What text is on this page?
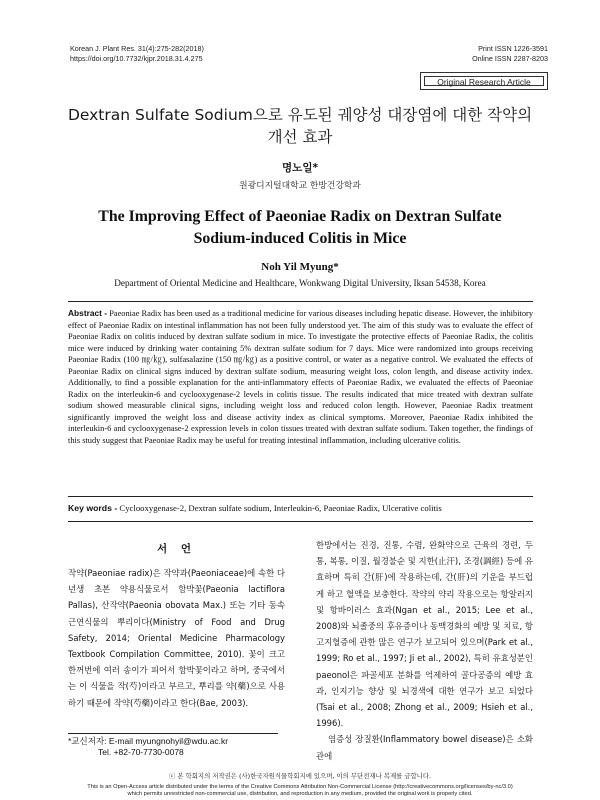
Korean J. Plant Res. 31(4):275-282(2018)
https://doi.org/10.7732/kjpr.2018.31.4.275
Print ISSN 1226-3591
Online ISSN 2287-8203
Original Research Article
Dextran Sulfate Sodium으로 유도된 궤양성 대장염에 대한 작약의 개선 효과
명노일*
원광디지털대학교 한방건강학과
The Improving Effect of Paeoniae Radix on Dextran Sulfate Sodium-induced Colitis in Mice
Noh Yil Myung*
Department of Oriental Medicine and Healthcare, Wonkwang Digital University, Iksan 54538, Korea
Abstract - Paeoniae Radix has been used as a traditional medicine for various diseases including hepatic disease. However, the inhibitory effect of Paeoniae Radix on intestinal inflammation has not been fully understood yet. The aim of this study was to evaluate the effect of Paeoniae Radix on colitis induced by dextran sulfate sodium in mice. To investigate the protective effects of Paeoniae Radix, the colitis mice were induced by drinking water containing 5% dextran sulfate sodium for 7 days. Mice were randomized into groups receiving Paeoniae Radix (100 ㎎/㎏), sulfasalazine (150 ㎎/㎏) as a positive control, or water as a negative control. We evaluated the effects of Paeoniae Radix on clinical signs induced by dextran sulfate sodium, measuring weight loss, colon length, and disease activity index. Additionally, to find a possible explanation for the anti-inflammatory effects of Paeoniae Radix, we evaluated the effects of Paeoniae Radix on the interleukin-6 and cyclooxygenase-2 levels in colitis tissue. The results indicated that mice treated with dextran sulfate sodium showed measurable clinical signs, including weight loss and reduced colon length. However, Paeoniae Radix treatment significantly improved the weight loss and disease activity index as clinical symptoms. Moreover, Paeoniae Radix inhibited the interleukin-6 and cyclooxygenase-2 expression levels in colon tissues treated with dextran sulfate sodium. Taken together, the findings of this study suggest that Paeoniae Radix may be useful for treating intestinal inflammation, including ulcerative colitis.
Key words - Cyclooxygenase-2, Dextran sulfate sodium, Interleukin-6, Paeoniae Radix, Ulcerative colitis
서 언
작약(Paeoniae radix)은 작약과(Paeoniaceae)에 속한 다년생 초본 약용식물로서 함박꽃(Paeonia lactiflora Pallas), 산작약(Paeonia obovata Max.) 또는 기타 동속 근연식물의 뿌리이다(Ministry of Food and Drug Safety, 2014; Oriental Medicine Pharmacology Textbook Compilation Committee, 2010). 꽃이 크고 한꺼번에 여러 송이가 피어서 함박꽃이라고 하며, 중국에서는 이 식물을 작(芍)이라고 부르고, 뿌리를 약(藥)으로 사용하기 때문에 작약(芍藥)이라고 한다(Bae, 2003).
한방에서는 진경, 진통, 수렴, 완화약으로 근육의 경련, 두통, 복통, 이질, 월경불순 및 지한(止汗), 조경(調經) 등에 유효하며 특히 간(肝)에 작용하는데, 간(肝)의 기운을 부드럽게 하고 혈액을 보충한다. 작약의 약리 작용으로는 항알러지 및 항바이러스 효과(Ngan et al., 2015; Lee et al., 2008)와 뇌졸중의 후유증이나 동맥경화의 예방 및 치료, 항고지혈증에 관한 많은 연구가 보고되어 있으며(Park et al., 1999; Ro et al., 1997; Ji et al., 2002), 특히 유효성분인 paeonol은 파골세포 분화를 억제하여 골다공증의 예방 효과, 인지기능 향상 및 뇌경색에 대한 연구가 보고 되었다(Tsai et al., 2008; Zhong et al., 2009; Hsieh et al., 1996).
염증성 장질환(Inflammatory bowel disease)은 소화관에
*교신저자: E-mail myungnohyil@wdu.ac.kr
Tel. +82-70-7730-0078
ⓒ 본 학회지의 저작권은 (사)한국자원식물학회지에 있으며, 이의 무단전재나 복제를 금합니다.
This is an Open-Access article distributed under the terms of the Creative Commons Attribution Non-Commercial License (http://creativecommons.org/licenses/by-nc/3.0)
which permits unrestricted non-commercial use, distribution, and reproduction in any medium, provided the original work is properly cited.
